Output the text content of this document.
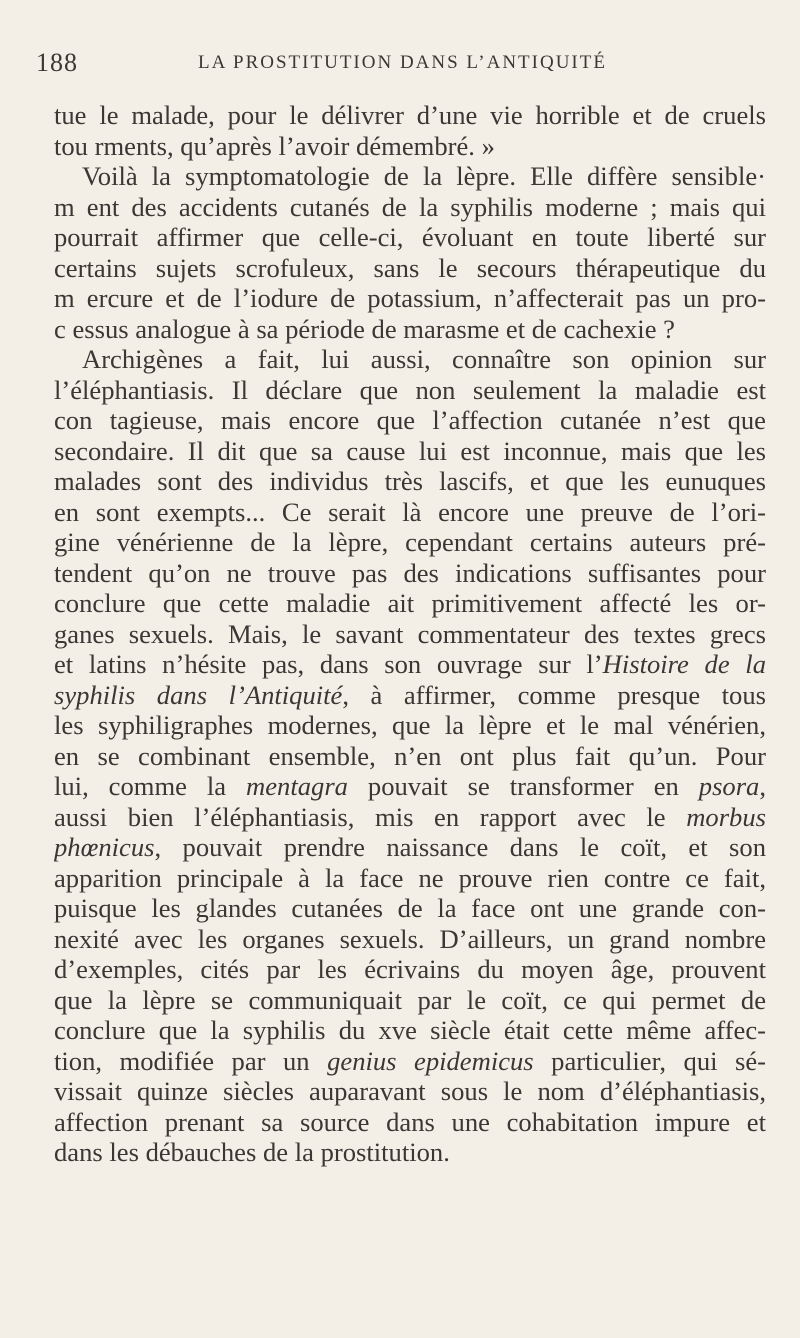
188	LA PROSTITUTION DANS L’ANTIQUITÉ
tue le malade, pour le délivrer d’une vie horrible et de cruels
tou rments, qu’après l’avoir démembré. »
Voilà la symptomatologie de la lèpre. Elle diffère sensible·
m ent des accidents cutanés de la syphilis moderne ; mais qui
pourrait affirmer que celle-ci, évoluant en toute liberté sur
certains sujets scrofuleux, sans le secours thérapeutique du
m ercure et de l’iodure de potassium, n’affecterait pas un pro-
c essus analogue à sa période de marasme et de cachexie ?
Archigènes a fait, lui aussi, connaître son opinion sur
l’éléphantiasis. Il déclare que non seulement la maladie est
con tagieuse, mais encore que l’affection cutanée n’est que
secondaire. Il dit que sa cause lui est inconnue, mais que les
malades sont des individus très lascifs, et que les eunuques
en sont exempts... Ce serait là encore une preuve de l’ori-
gine vénérienne de la lèpre, cependant certains auteurs pré-
tendent qu’on ne trouve pas des indications suffisantes pour
conclure que cette maladie ait primitivement affecté les or-
ganes sexuels. Mais, le savant commentateur des textes grecs
et latins n’hésite pas, dans son ouvrage sur l’Histoire de la
syphilis dans l’Antiquité, à affirmer, comme presque tous
les syphiligraphes modernes, que la lèpre et le mal vénérien,
en se combinant ensemble, n’en ont plus fait qu’un. Pour
lui, comme la mentagra pouvait se transformer en psora,
aussi bien l’éléphantiasis, mis en rapport avec le morbus
phœnicus, pouvait prendre naissance dans le coït, et son
apparition principale à la face ne prouve rien contre ce fait,
puisque les glandes cutanées de la face ont une grande con-
nexité avec les organes sexuels. D’ailleurs, un grand nombre
d’exemples, cités par les écrivains du moyen âge, prouvent
que la lèpre se communiquait par le coït, ce qui permet de
conclure que la syphilis du xve siècle était cette même affec-
tion, modifiée par un genius epidemicus particulier, qui sé-
vissait quinze siècles auparavant sous le nom d’éléphantiasis,
affection prenant sa source dans une cohabitation impure et
dans les débauches de la prostitution.
